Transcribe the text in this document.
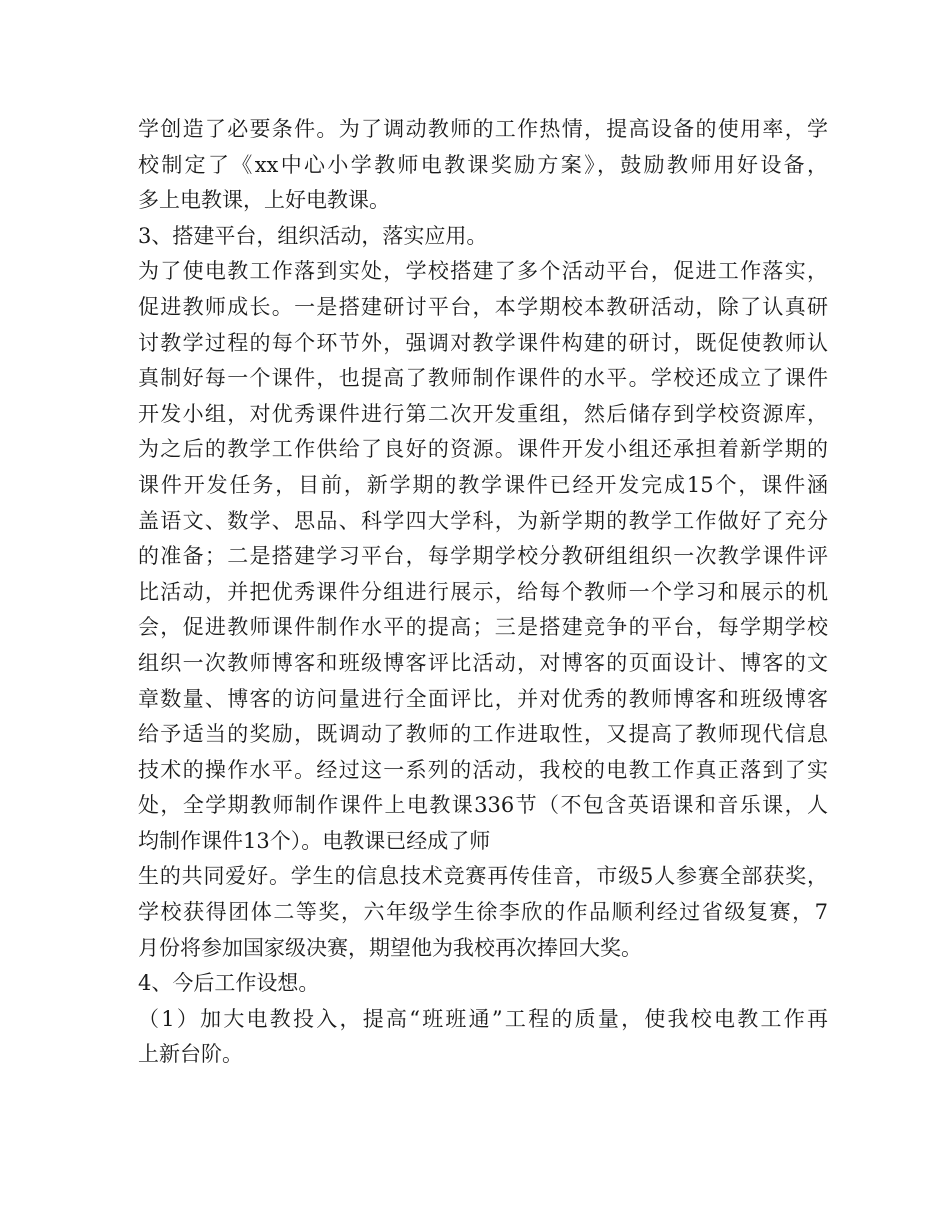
学创造了必要条件。为了调动教师的工作热情，提高设备的使用率，学
校制定了《xx中心小学教师电教课奖励方案》，鼓励教师用好设备，
多上电教课，上好电教课。
3、搭建平台，组织活动，落实应用。
为了使电教工作落到实处，学校搭建了多个活动平台，促进工作落实，
促进教师成长。一是搭建研讨平台，本学期校本教研活动，除了认真研
讨教学过程的每个环节外，强调对教学课件构建的研讨，既促使教师认
真制好每一个课件，也提高了教师制作课件的水平。学校还成立了课件
开发小组，对优秀课件进行第二次开发重组，然后储存到学校资源库，
为之后的教学工作供给了良好的资源。课件开发小组还承担着新学期的
课件开发任务，目前，新学期的教学课件已经开发完成15个，课件涵
盖语文、数学、思品、科学四大学科，为新学期的教学工作做好了充分
的准备；二是搭建学习平台，每学期学校分教研组组织一次教学课件评
比活动，并把优秀课件分组进行展示，给每个教师一个学习和展示的机
会，促进教师课件制作水平的提高；三是搭建竞争的平台，每学期学校
组织一次教师博客和班级博客评比活动，对博客的页面设计、博客的文
章数量、博客的访问量进行全面评比，并对优秀的教师博客和班级博客
给予适当的奖励，既调动了教师的工作进取性，又提高了教师现代信息
技术的操作水平。经过这一系列的活动，我校的电教工作真正落到了实
处，全学期教师制作课件上电教课336节（不包含英语课和音乐课，人
均制作课件13个）。电教课已经成了师
生的共同爱好。学生的信息技术竞赛再传佳音，市级5人参赛全部获奖，
学校获得团体二等奖，六年级学生徐李欣的作品顺利经过省级复赛，7
月份将参加国家级决赛，期望他为我校再次捧回大奖。
4、今后工作设想。
（1）加大电教投入，提高“班班通”工程的质量，使我校电教工作再
上新台阶。
